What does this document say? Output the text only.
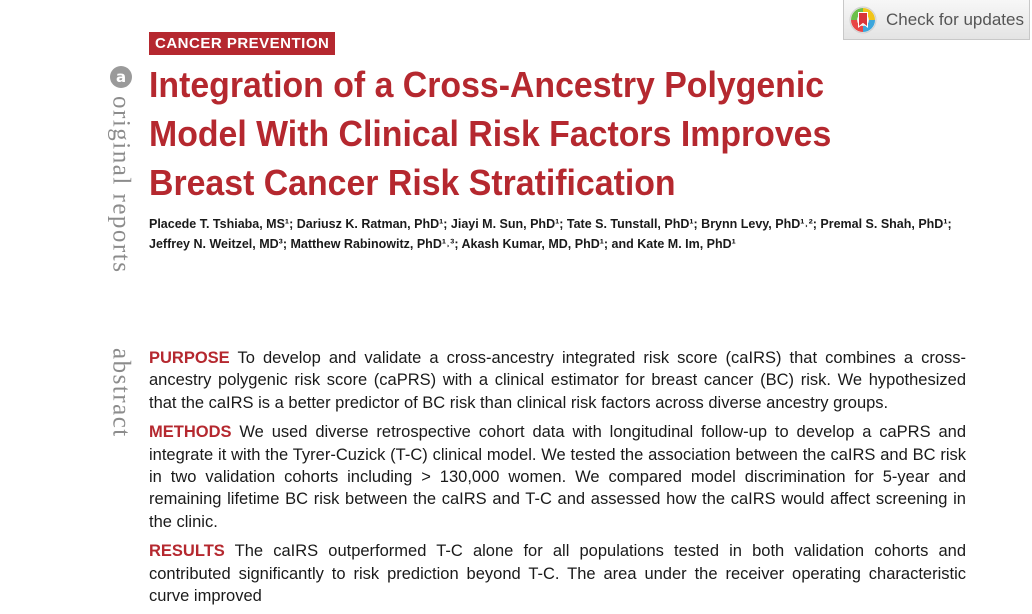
Check for updates
a
original reports
abstract
CANCER PREVENTION
Integration of a Cross-Ancestry Polygenic Model With Clinical Risk Factors Improves Breast Cancer Risk Stratification
Placede T. Tshiaba, MS¹; Dariusz K. Ratman, PhD¹; Jiayi M. Sun, PhD¹; Tate S. Tunstall, PhD¹; Brynn Levy, PhD¹˒²; Premal S. Shah, PhD¹;
Jeffrey N. Weitzel, MD³; Matthew Rabinowitz, PhD¹˒³; Akash Kumar, MD, PhD¹; and Kate M. Im, PhD¹

PURPOSE To develop and validate a cross-ancestry integrated risk score (caIRS) that combines a cross-ancestry polygenic risk score (caPRS) with a clinical estimator for breast cancer (BC) risk. We hypothesized that the caIRS is a better predictor of BC risk than clinical risk factors across diverse ancestry groups.

METHODS We used diverse retrospective cohort data with longitudinal follow-up to develop a caPRS and integrate it with the Tyrer-Cuzick (T-C) clinical model. We tested the association between the caIRS and BC risk in two validation cohorts including > 130,000 women. We compared model discrimination for 5-year and remaining lifetime BC risk between the caIRS and T-C and assessed how the caIRS would affect screening in the clinic.

RESULTS The caIRS outperformed T-C alone for all populations tested in both validation cohorts and contributed significantly to risk prediction beyond T-C. The area under the receiver operating characteristic curve improved
